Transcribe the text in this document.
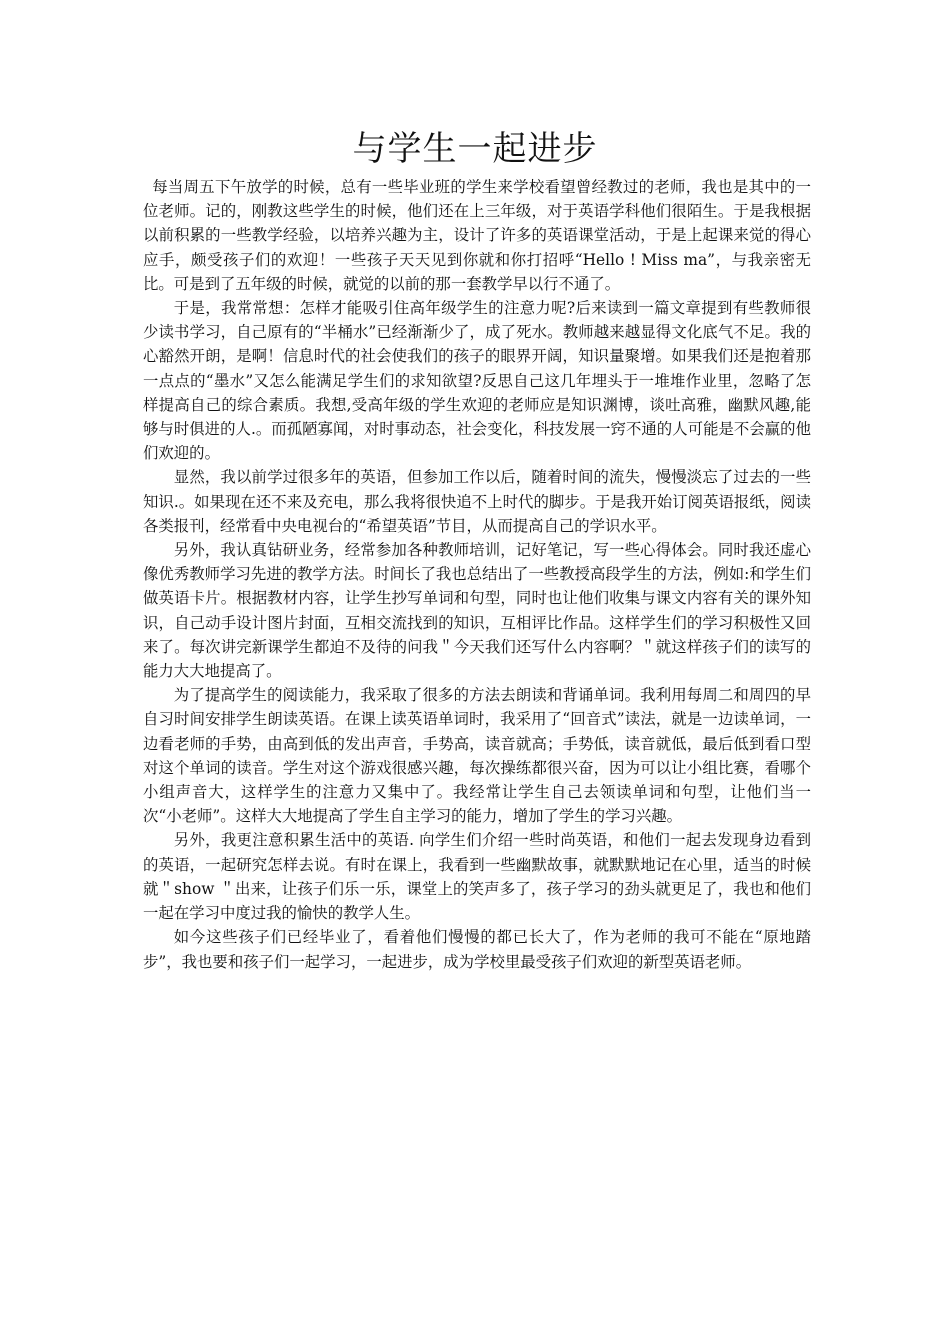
与学生一起进步

每当周五下午放学的时候，总有一些毕业班的学生来学校看望曾经教过的老师，我也是其中的一位老师。记的，刚教这些学生的时候，他们还在上三年级，对于英语学科他们很陌生。于是我根据以前积累的一些教学经验，以培养兴趣为主，设计了许多的英语课堂活动，于是上起课来觉的得心应手，颇受孩子们的欢迎！一些孩子天天见到你就和你打招呼“Hello ! Miss ma”，与我亲密无比。可是到了五年级的时候，就觉的以前的那一套教学早以行不通了。

于是，我常常想：怎样才能吸引住高年级学生的注意力呢?后来读到一篇文章提到有些教师很少读书学习，自己原有的“半桶水”已经渐渐少了，成了死水。教师越来越显得文化底气不足。我的心豁然开朗，是啊！信息时代的社会使我们的孩子的眼界开阔，知识量聚增。如果我们还是抱着那一点点的“墨水”又怎么能满足学生们的求知欲望?反思自己这几年埋头于一堆堆作业里，忽略了怎样提高自己的综合素质。我想,受高年级的学生欢迎的老师应是知识渊博，谈吐高雅，幽默风趣,能够与时俱进的人.。而孤陋寡闻，对时事动态，社会变化，科技发展一窍不通的人可能是不会赢的他们欢迎的。

显然，我以前学过很多年的英语，但参加工作以后，随着时间的流失，慢慢淡忘了过去的一些知识.。如果现在还不来及充电，那么我将很快追不上时代的脚步。于是我开始订阅英语报纸，阅读各类报刊，经常看中央电视台的“希望英语”节目，从而提高自己的学识水平。

另外，我认真钻研业务，经常参加各种教师培训，记好笔记，写一些心得体会。同时我还虚心像优秀教师学习先进的教学方法。时间长了我也总结出了一些教授高段学生的方法，例如:和学生们做英语卡片。根据教材内容，让学生抄写单词和句型，同时也让他们收集与课文内容有关的课外知识，自己动手设计图片封面，互相交流找到的知识，互相评比作品。这样学生们的学习积极性又回来了。每次讲完新课学生都迫不及待的问我＂今天我们还写什么内容啊？＂就这样孩子们的读写的能力大大地提高了。

为了提高学生的阅读能力，我采取了很多的方法去朗读和背诵单词。我利用每周二和周四的早自习时间安排学生朗读英语。在课上读英语单词时，我采用了“回音式”读法，就是一边读单词，一边看老师的手势，由高到低的发出声音，手势高，读音就高；手势低，读音就低，最后低到看口型对这个单词的读音。学生对这个游戏很感兴趣，每次操练都很兴奋，因为可以让小组比赛，看哪个小组声音大，这样学生的注意力又集中了。我经常让学生自己去领读单词和句型，让他们当一次“小老师”。这样大大地提高了学生自主学习的能力，增加了学生的学习兴趣。

另外，我更注意积累生活中的英语. 向学生们介绍一些时尚英语，和他们一起去发现身边看到的英语，一起研究怎样去说。有时在课上，我看到一些幽默故事，就默默地记在心里，适当的时候就＂show ＂出来，让孩子们乐一乐，课堂上的笑声多了，孩子学习的劲头就更足了，我也和他们一起在学习中度过我的愉快的教学人生。

如今这些孩子们已经毕业了，看着他们慢慢的都已长大了，作为老师的我可不能在“原地踏步”，我也要和孩子们一起学习，一起进步，成为学校里最受孩子们欢迎的新型英语老师。
